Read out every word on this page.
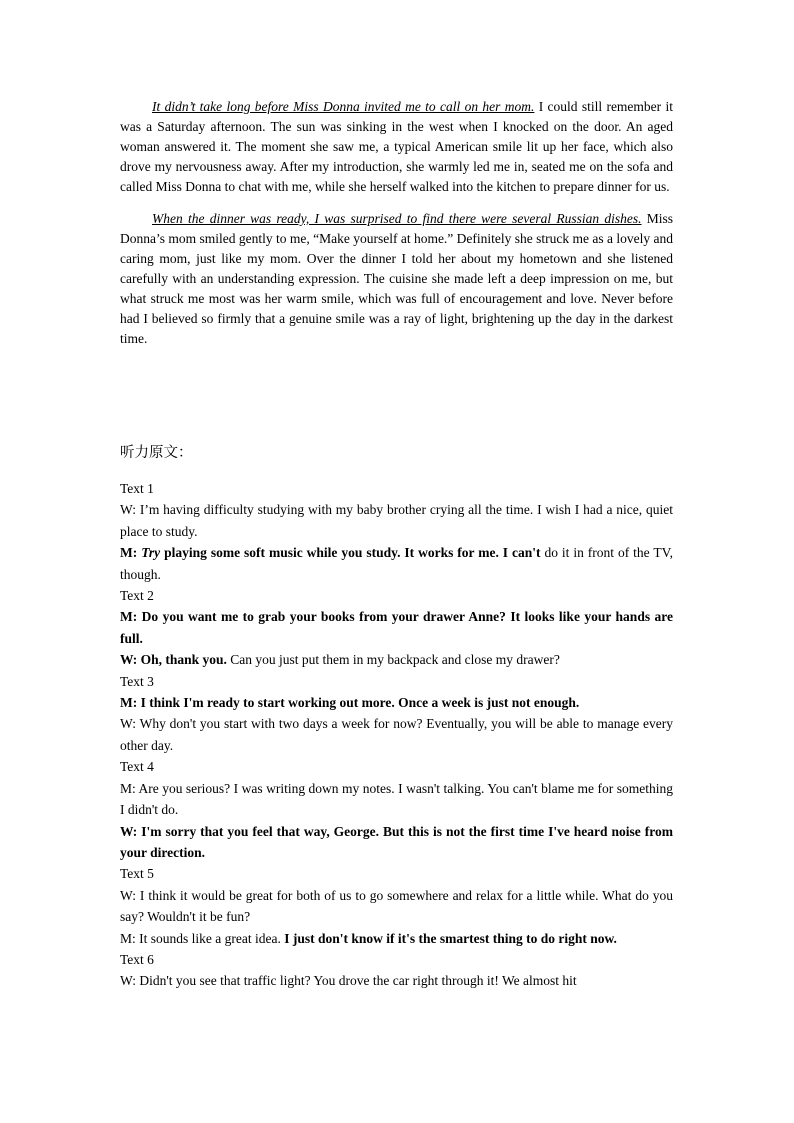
It didn’t take long before Miss Donna invited me to call on her mom. I could still remember it was a Saturday afternoon. The sun was sinking in the west when I knocked on the door. An aged woman answered it. The moment she saw me, a typical American smile lit up her face, which also drove my nervousness away. After my introduction, she warmly led me in, seated me on the sofa and called Miss Donna to chat with me, while she herself walked into the kitchen to prepare dinner for us.

When the dinner was ready, I was surprised to find there were several Russian dishes. Miss Donna’s mom smiled gently to me, “Make yourself at home.” Definitely she struck me as a lovely and caring mom, just like my mom. Over the dinner I told her about my hometown and she listened carefully with an understanding expression. The cuisine she made left a deep impression on me, but what struck me most was her warm smile, which was full of encouragement and love. Never before had I believed so firmly that a genuine smile was a ray of light, brightening up the day in the darkest time.

听力原文：
Text 1
W: I’m having difficulty studying with my baby brother crying all the time. I wish I had a nice, quiet place to study.
M: Try playing some soft music while you study. It works for me. I can't do it in front of the TV, though.
Text 2
M: Do you want me to grab your books from your drawer Anne? It looks like your hands are full.
W: Oh, thank you. Can you just put them in my backpack and close my drawer?
Text 3
M: I think I'm ready to start working out more. Once a week is just not enough.
W: Why don't you start with two days a week for now? Eventually, you will be able to manage every other day.
Text 4
M: Are you serious? I was writing down my notes. I wasn't talking. You can't blame me for something I didn't do.
W: I'm sorry that you feel that way, George. But this is not the first time I've heard noise from your direction.
Text 5
W: I think it would be great for both of us to go somewhere and relax for a little while. What do you say? Wouldn't it be fun?
M: It sounds like a great idea. I just don't know if it's the smartest thing to do right now.
Text 6
W: Didn't you see that traffic light? You drove the car right through it! We almost hit
